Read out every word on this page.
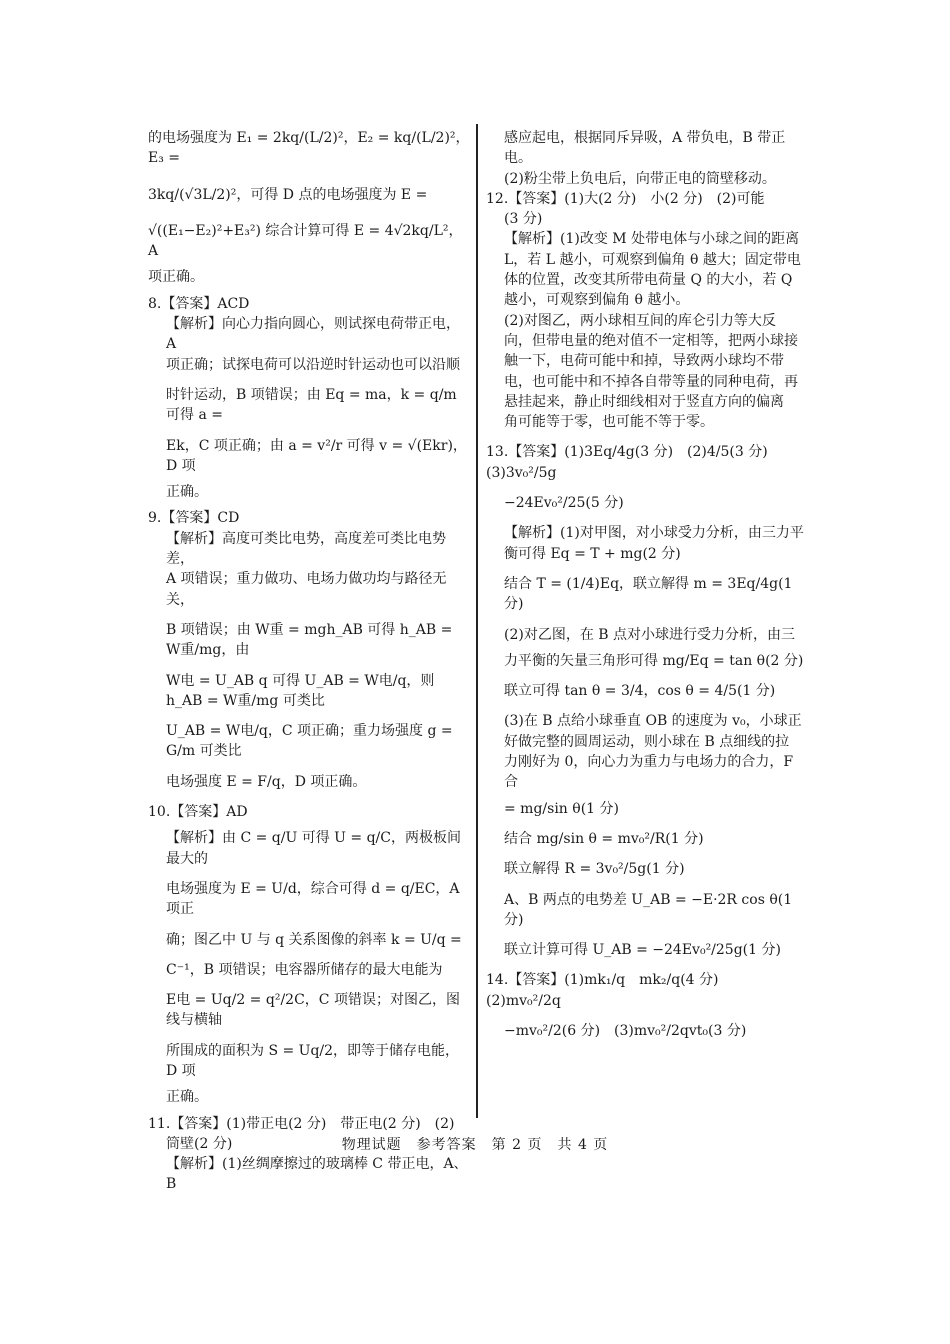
的电场强度为 E₁ = 2kq/(L/2)²，E₂ = kq/(L/2)²，E₃ =
3kq/(√3L/2)²，可得 D 点的电场强度为 E =
√((E₁−E₂)²+E₃²) 综合计算可得 E = 4√2kq/L²，A
项正确。
8.【答案】ACD
【解析】向心力指向圆心，则试探电荷带正电，A
项正确；试探电荷可以沿逆时针运动也可以沿顺
时针运动，B 项错误；由 Eq = ma，k = q/m 可得 a =
Ek，C 项正确；由 a = v²/r 可得 v = √(Ekr)，D 项
正确。
9.【答案】CD
【解析】高度可类比电势，高度差可类比电势差，
A 项错误；重力做功、电场力做功均与路径无关，
B 项错误；由 W重 = mgh_AB 可得 h_AB = W重/mg，由
W电 = U_AB q 可得 U_AB = W电/q，则 h_AB = W重/mg 可类比
U_AB = W电/q，C 项正确；重力场强度 g = G/m 可类比
电场强度 E = F/q，D 项正确。
10.【答案】AD
【解析】由 C = q/U 可得 U = q/C，两极板间最大的
电场强度为 E = U/d，综合可得 d = q/EC，A 项正
确；图乙中 U 与 q 关系图像的斜率 k = U/q =
C⁻¹，B 项错误；电容器所储存的最大电能为
E电 = Uq/2 = q²/2C，C 项错误；对图乙，图线与横轴
所围成的面积为 S = Uq/2，即等于储存电能，D 项
正确。
11.【答案】(1)带正电(2 分)　带正电(2 分)　(2)
筒壁(2 分)
【解析】(1)丝绸摩擦过的玻璃棒 C 带正电，A、B
感应起电，根据同斥异吸，A 带负电，B 带正电。
(2)粉尘带上负电后，向带正电的筒壁移动。
12.【答案】(1)大(2 分)　小(2 分)　(2)可能
(3 分)
【解析】(1)改变 M 处带电体与小球之间的距离
L，若 L 越小，可观察到偏角 θ 越大；固定带电
体的位置，改变其所带电荷量 Q 的大小，若 Q
越小，可观察到偏角 θ 越小。
(2)对图乙，两小球相互间的库仑引力等大反
向，但带电量的绝对值不一定相等，把两小球接
触一下，电荷可能中和掉，导致两小球均不带
电，也可能中和不掉各自带等量的同种电荷，再
悬挂起来，静止时细线相对于竖直方向的偏离
角可能等于零，也可能不等于零。
13.【答案】(1)3Eq/4g(3 分)　(2)4/5(3 分)　(3)3v₀²/5g
−24Ev₀²/25(5 分)
【解析】(1)对甲图，对小球受力分析，由三力平
衡可得 Eq = T + mg(2 分)
结合 T = (1/4)Eq，联立解得 m = 3Eq/4g(1 分)
(2)对乙图，在 B 点对小球进行受力分析，由三
力平衡的矢量三角形可得 mg/Eq = tan θ(2 分)
联立可得 tan θ = 3/4，cos θ = 4/5(1 分)
(3)在 B 点给小球垂直 OB 的速度为 v₀，小球正
好做完整的圆周运动，则小球在 B 点细线的拉
力刚好为 0，向心力为重力与电场力的合力，F合
= mg/sin θ(1 分)
结合 mg/sin θ = mv₀²/R(1 分)
联立解得 R = 3v₀²/5g(1 分)
A、B 两点的电势差 U_AB = −E·2R cos θ(1 分)
联立计算可得 U_AB = −24Ev₀²/25g(1 分)
14.【答案】(1)mk₁/q　mk₂/q(4 分)　(2)mv₀²/2q
−mv₀²/2(6 分)　(3)mv₀²/2qvt₀(3 分)
物理试题　参考答案　第 2 页　共 4 页
